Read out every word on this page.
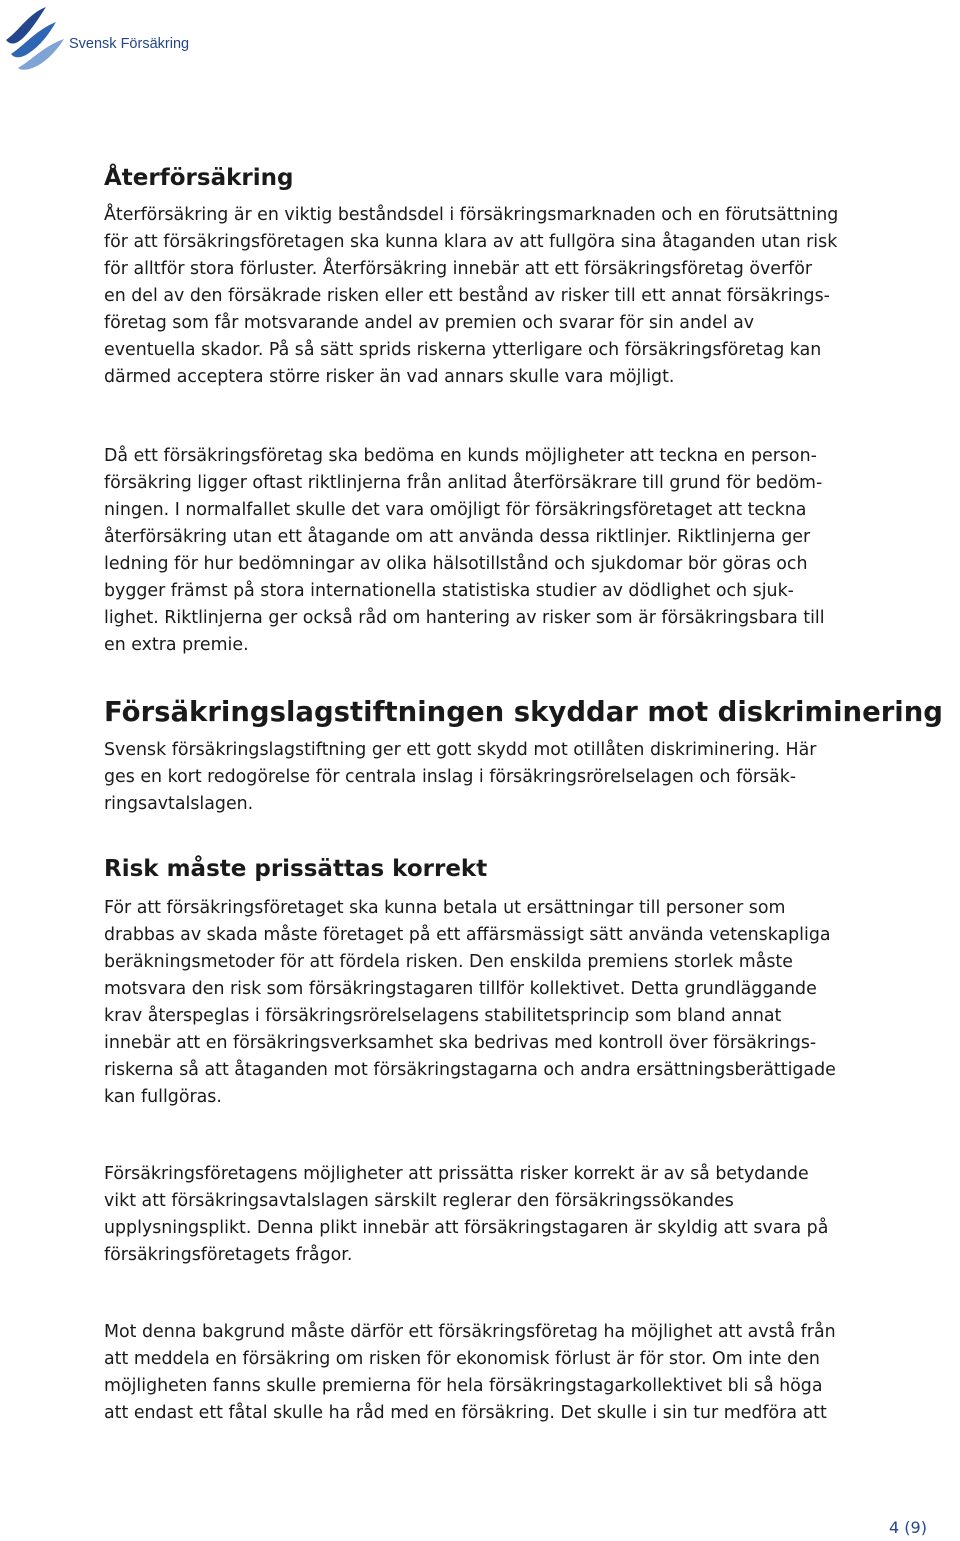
Svensk Försäkring
Återförsäkring

Återförsäkring är en viktig beståndsdel i försäkringsmarknaden och en förutsättning
för att försäkringsföretagen ska kunna klara av att fullgöra sina åtaganden utan risk
för alltför stora förluster. Återförsäkring innebär att ett försäkringsföretag överför
en del av den försäkrade risken eller ett bestånd av risker till ett annat försäkrings-
företag som får motsvarande andel av premien och svarar för sin andel av
eventuella skador. På så sätt sprids riskerna ytterligare och försäkringsföretag kan
därmed acceptera större risker än vad annars skulle vara möjligt.

Då ett försäkringsföretag ska bedöma en kunds möjligheter att teckna en person-
försäkring ligger oftast riktlinjerna från anlitad återförsäkrare till grund för bedöm-
ningen. I normalfallet skulle det vara omöjligt för försäkringsföretaget att teckna
återförsäkring utan ett åtagande om att använda dessa riktlinjer. Riktlinjerna ger
ledning för hur bedömningar av olika hälsotillstånd och sjukdomar bör göras och
bygger främst på stora internationella statistiska studier av dödlighet och sjuk-
lighet. Riktlinjerna ger också råd om hantering av risker som är försäkringsbara till
en extra premie.

Försäkringslagstiftningen skyddar mot diskriminering

Svensk försäkringslagstiftning ger ett gott skydd mot otillåten diskriminering. Här
ges en kort redogörelse för centrala inslag i försäkringsrörelselagen och försäk-
ringsavtalslagen.

Risk måste prissättas korrekt

För att försäkringsföretaget ska kunna betala ut ersättningar till personer som
drabbas av skada måste företaget på ett affärsmässigt sätt använda vetenskapliga
beräkningsmetoder för att fördela risken. Den enskilda premiens storlek måste
motsvara den risk som försäkringstagaren tillför kollektivet. Detta grundläggande
krav återspeglas i försäkringsrörelselagens stabilitetsprincip som bland annat
innebär att en försäkringsverksamhet ska bedrivas med kontroll över försäkrings-
riskerna så att åtaganden mot försäkringstagarna och andra ersättningsberättigade
kan fullgöras.

Försäkringsföretagens möjligheter att prissätta risker korrekt är av så betydande
vikt att försäkringsavtalslagen särskilt reglerar den försäkringssökandes
upplysningsplikt. Denna plikt innebär att försäkringstagaren är skyldig att svara på
försäkringsföretagets frågor.

Mot denna bakgrund måste därför ett försäkringsföretag ha möjlighet att avstå från
att meddela en försäkring om risken för ekonomisk förlust är för stor. Om inte den
möjligheten fanns skulle premierna för hela försäkringstagarkollektivet bli så höga
att endast ett fåtal skulle ha råd med en försäkring. Det skulle i sin tur medföra att

4 (9)
